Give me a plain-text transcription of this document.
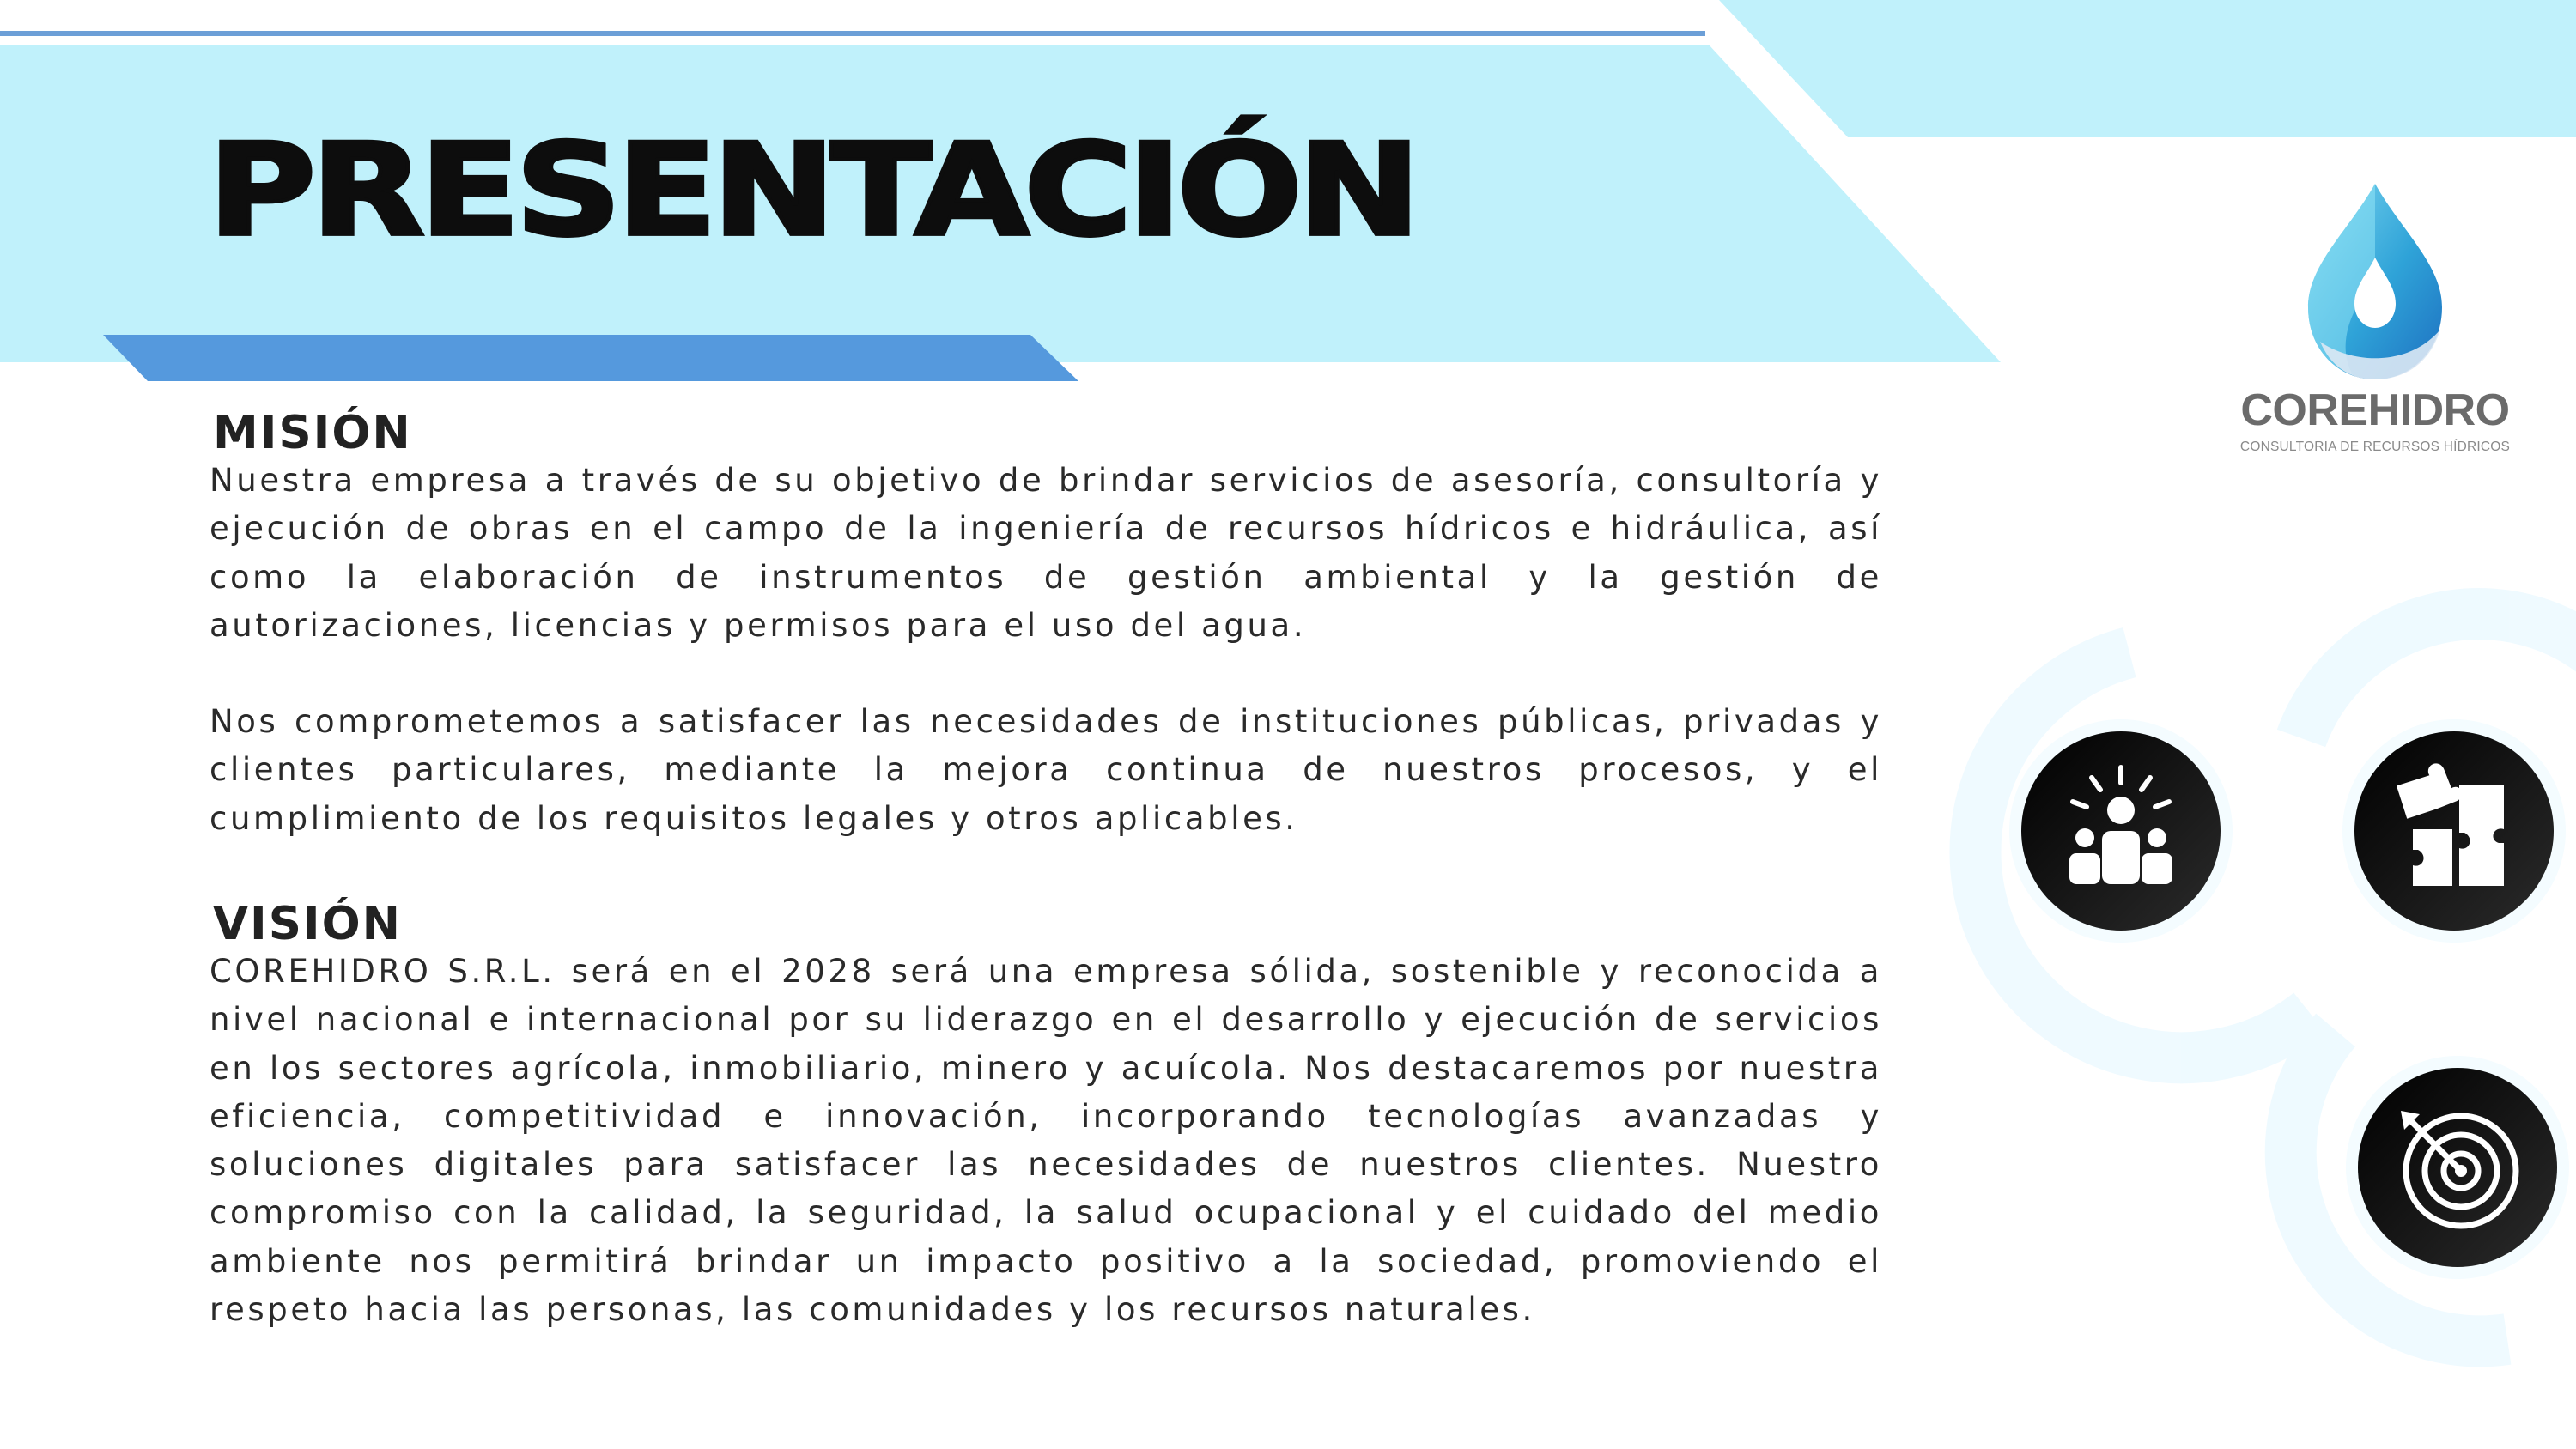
PRESENTACIÓN
MISIÓN

Nuestra empresa a través de su objetivo de brindar servicios de asesoría, consultoría y ejecución de obras en el campo de la ingeniería de recursos hídricos e hidráulica, así como la elaboración de instrumentos de gestión ambiental y la gestión de autorizaciones, licencias y permisos para el uso del agua.

Nos comprometemos a satisfacer las necesidades de instituciones públicas, privadas y clientes particulares, mediante la mejora continua de nuestros procesos, y el cumplimiento de los requisitos legales y otros aplicables.

VISIÓN

COREHIDRO S.R.L. será en el 2028 será una empresa sólida, sostenible y reconocida a nivel nacional e internacional por su liderazgo en el desarrollo y ejecución de servicios en los sectores agrícola, inmobiliario, minero y acuícola. Nos destacaremos por nuestra eficiencia, competitividad e innovación, incorporando tecnologías avanzadas y soluciones digitales para satisfacer las necesidades de nuestros clientes. Nuestro compromiso con la calidad, la seguridad, la salud ocupacional y el cuidado del medio ambiente nos permitirá brindar un impacto positivo a la sociedad, promoviendo el respeto hacia las personas, las comunidades y los recursos naturales.

COREHIDRO
CONSULTORIA DE RECURSOS HÍDRICOS
